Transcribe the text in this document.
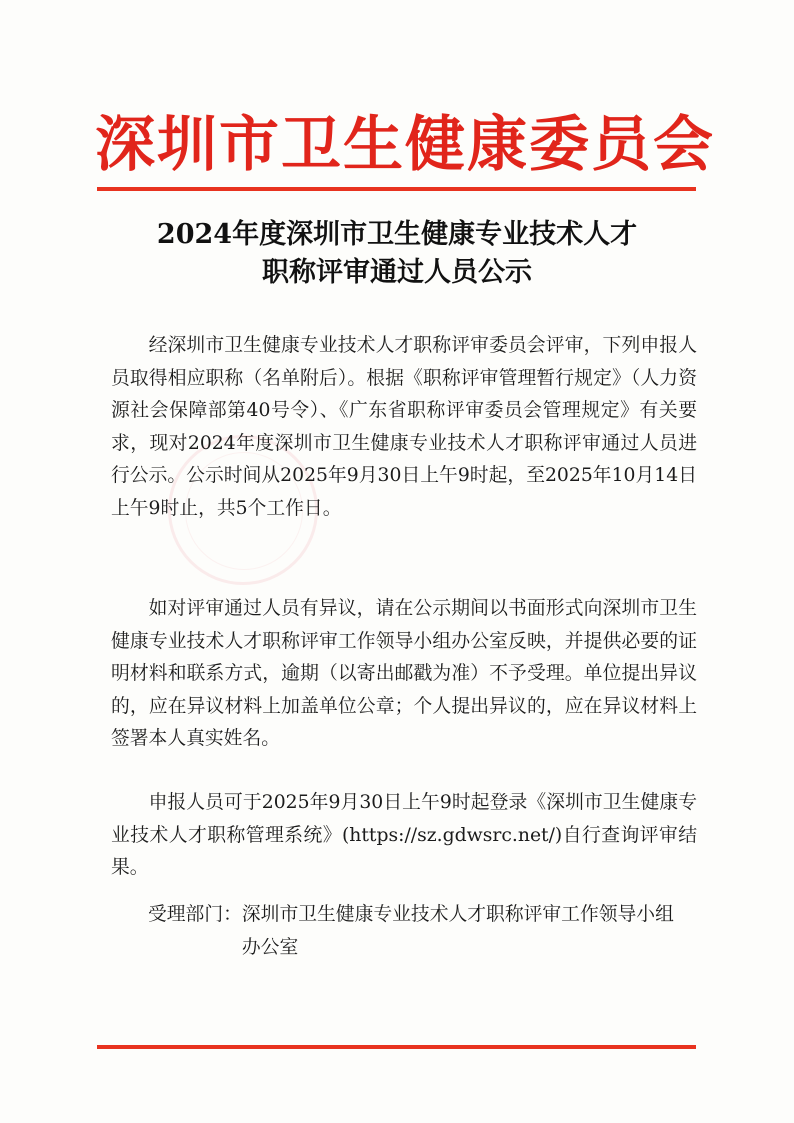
深圳市卫生健康委员会
2024年度深圳市卫生健康专业技术人才
职称评审通过人员公示

经深圳市卫生健康专业技术人才职称评审委员会评审，下列申报人员取得相应职称（名单附后）。根据《职称评审管理暂行规定》（人力资源社会保障部第40号令）、《广东省职称评审委员会管理规定》有关要求，现对2024年度深圳市卫生健康专业技术人才职称评审通过人员进行公示。公示时间从2025年9月30日上午9时起，至2025年10月14日上午9时止，共5个工作日。

如对评审通过人员有异议，请在公示期间以书面形式向深圳市卫生健康专业技术人才职称评审工作领导小组办公室反映，并提供必要的证明材料和联系方式，逾期（以寄出邮戳为准）不予受理。单位提出异议的，应在异议材料上加盖单位公章；个人提出异议的，应在异议材料上签署本人真实姓名。

申报人员可于2025年9月30日上午9时起登录《深圳市卫生健康专业技术人才职称管理系统》(https://sz.gdwsrc.net/)自行查询评审结果。

受理部门：深圳市卫生健康专业技术人才职称评审工作领导小组办公室
